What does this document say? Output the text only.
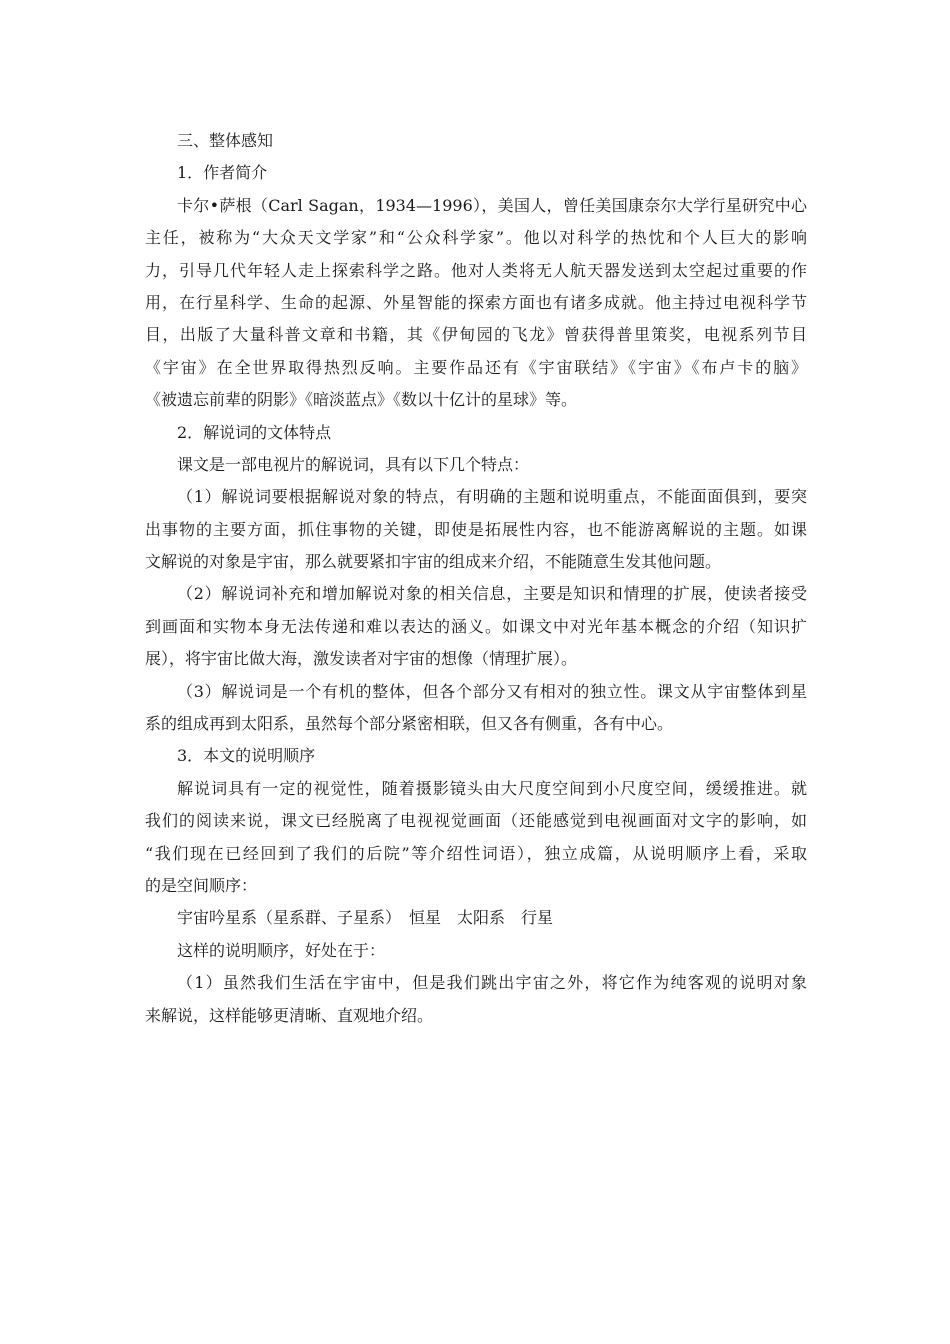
三、整体感知
1．作者简介
卡尔•萨根（Carl Sagan，1934—1996），美国人，曾任美国康奈尔大学行星研究中心
主任，被称为“大众天文学家”和“公众科学家”。他以对科学的热忱和个人巨大的影响
力，引导几代年轻人走上探索科学之路。他对人类将无人航天器发送到太空起过重要的作
用，在行星科学、生命的起源、外星智能的探索方面也有诸多成就。他主持过电视科学节
目，出版了大量科普文章和书籍，其《伊甸园的飞龙》曾获得普里策奖，电视系列节目
《宇宙》在全世界取得热烈反响。主要作品还有《宇宙联结》《宇宙》《布卢卡的脑》
《被遗忘前辈的阴影》《暗淡蓝点》《数以十亿计的星球》等。
2．解说词的文体特点
课文是一部电视片的解说词，具有以下几个特点：
（1）解说词要根据解说对象的特点，有明确的主题和说明重点，不能面面俱到，要突
出事物的主要方面，抓住事物的关键，即使是拓展性内容，也不能游离解说的主题。如课
文解说的对象是宇宙，那么就要紧扣宇宙的组成来介绍，不能随意生发其他问题。
（2）解说词补充和增加解说对象的相关信息，主要是知识和情理的扩展，使读者接受
到画面和实物本身无法传递和难以表达的涵义。如课文中对光年基本概念的介绍（知识扩
展），将宇宙比做大海，激发读者对宇宙的想像（情理扩展）。
（3）解说词是一个有机的整体，但各个部分又有相对的独立性。课文从宇宙整体到星
系的组成再到太阳系，虽然每个部分紧密相联，但又各有侧重，各有中心。
3．本文的说明顺序
解说词具有一定的视觉性，随着摄影镜头由大尺度空间到小尺度空间，缓缓推进。就
我们的阅读来说，课文已经脱离了电视视觉画面（还能感觉到电视画面对文字的影响，如
“我们现在已经回到了我们的后院”等介绍性词语），独立成篇，从说明顺序上看，采取
的是空间顺序：
宇宙吟星系（星系群、子星系）　恒星　太阳系　行星
这样的说明顺序，好处在于：
（1）虽然我们生活在宇宙中，但是我们跳出宇宙之外，将它作为纯客观的说明对象
来解说，这样能够更清晰、直观地介绍。
